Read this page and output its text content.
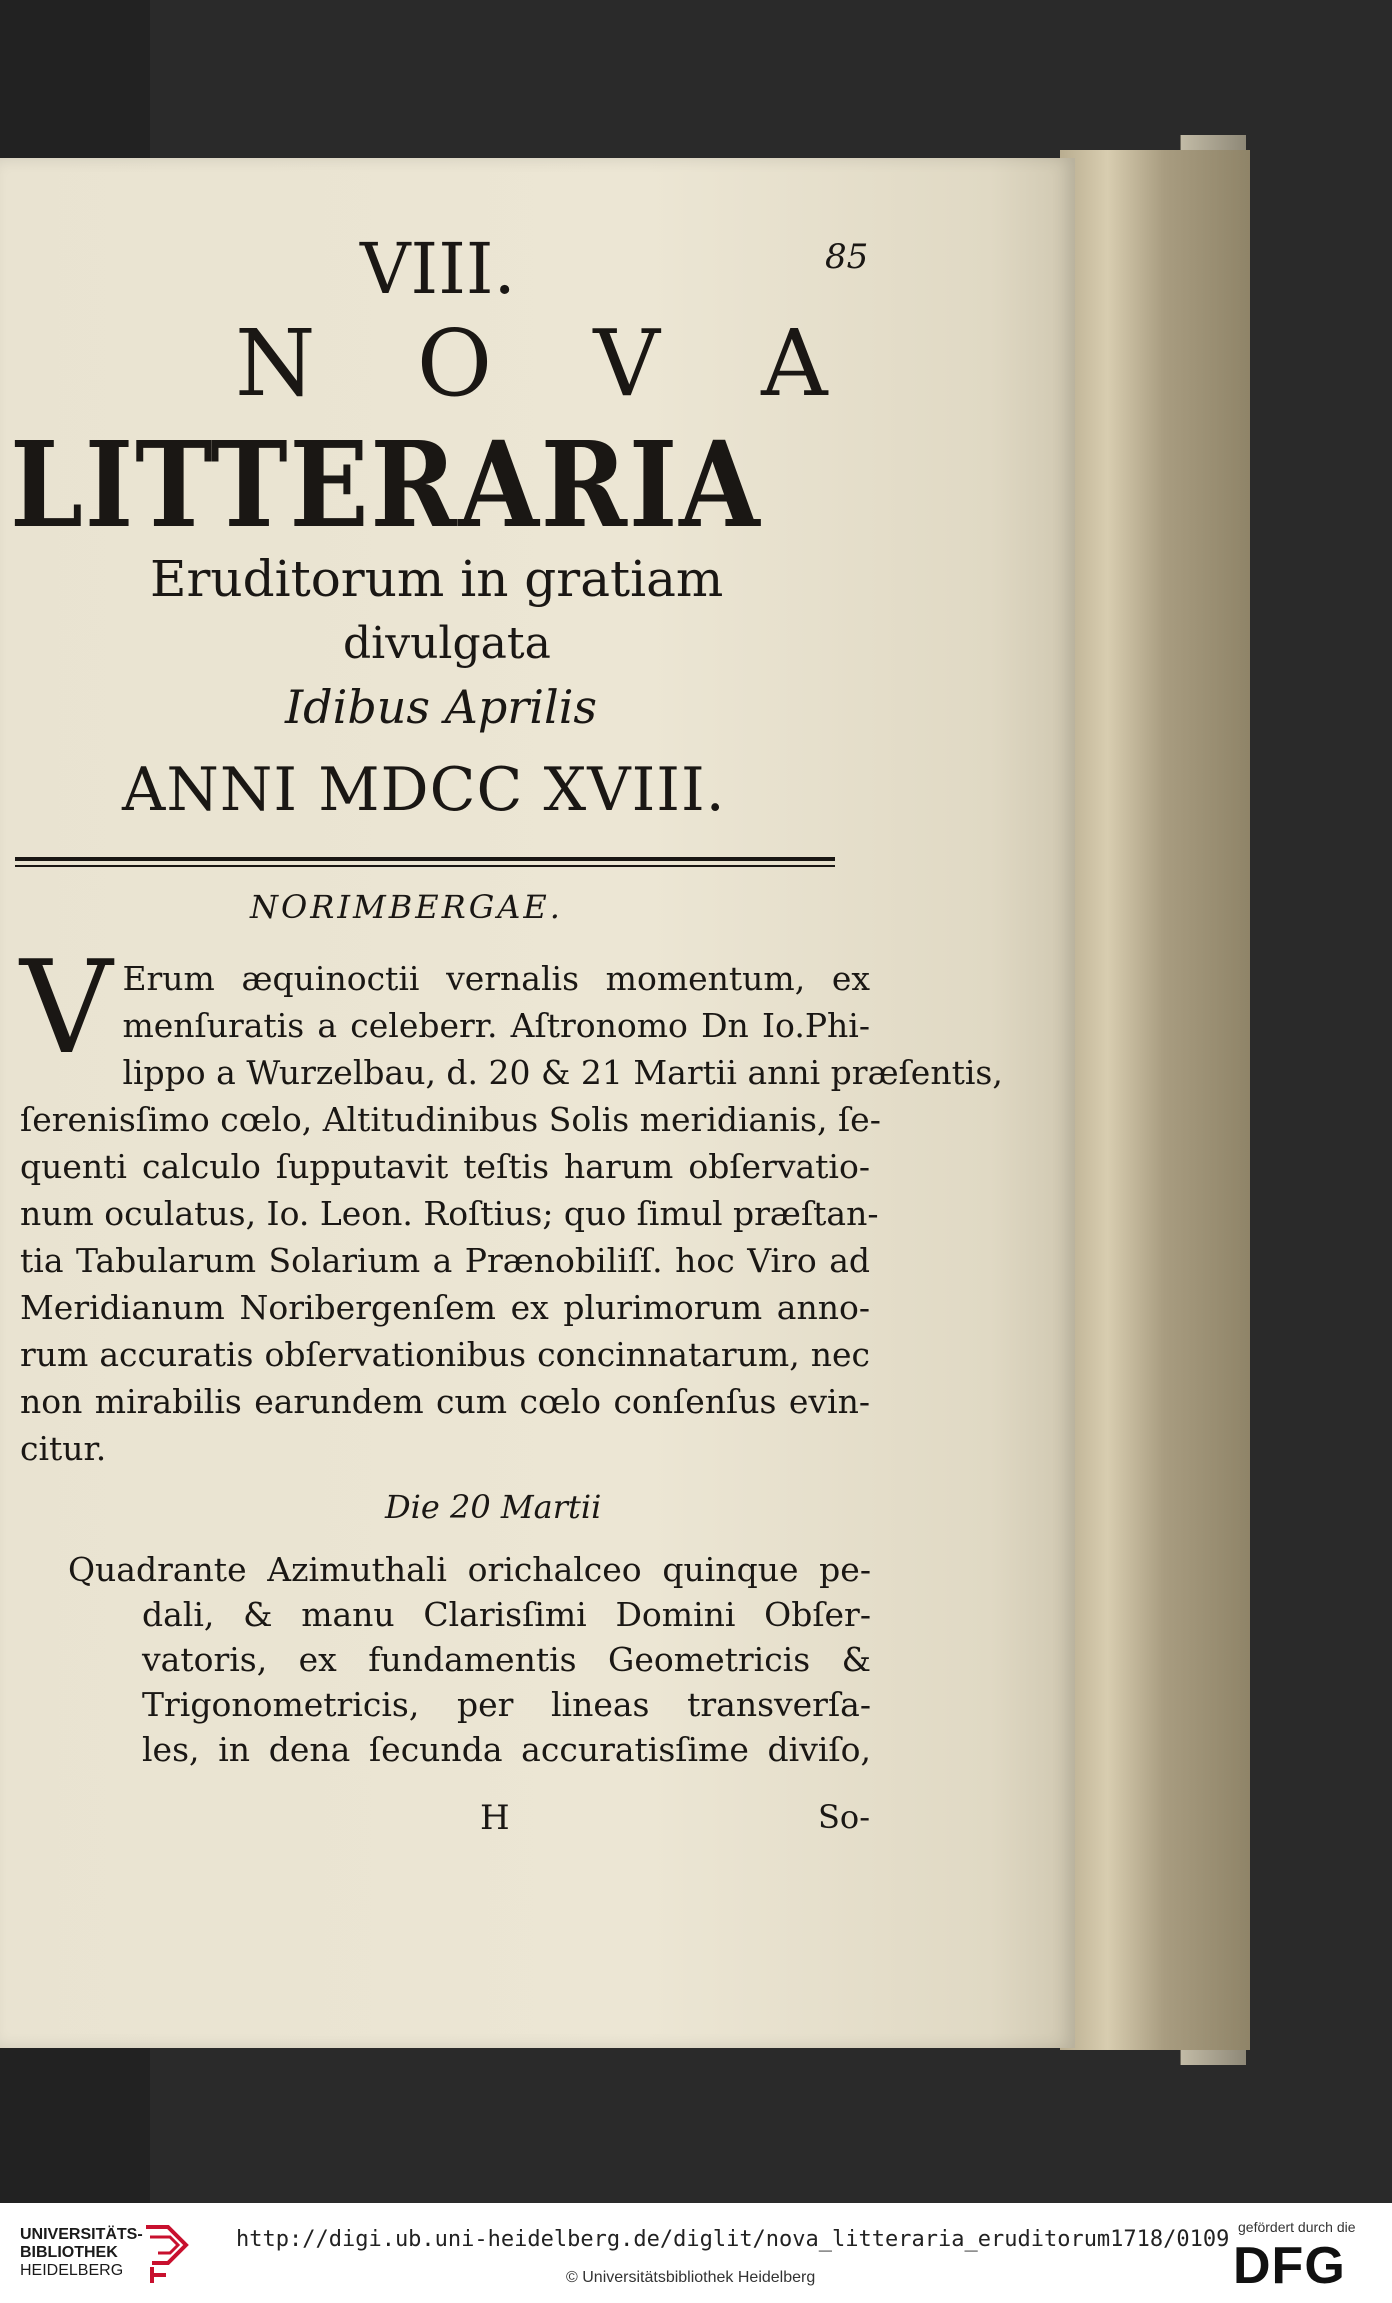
85
VIII.
N O V A
LITTERARIA
Eruditorum in gratiam
divulgata
Idibus Aprilis
ANNI MDCC XVIII.
NORIMBERGAE.
V Erum æquinoctii vernalis momentum, ex
menſuratis a celeberr. Aſtronomo Dn Io.Phi-
lippo a Wurzelbau, d. 20 & 21 Martii anni præſentis,
ſerenisſimo cœlo, Altitudinibus Solis meridianis, ſe-
quenti calculo ſupputavit teſtis harum obſervatio-
num oculatus, Io. Leon. Roſtius; quo ſimul præſtan-
tia Tabularum Solarium a Prænobiliſſ. hoc Viro ad
Meridianum Noribergenſem ex plurimorum anno-
rum accuratis obſervationibus concinnatarum, nec
non mirabilis earundem cum cœlo conſenſus evin-
citur.
Die 20 Martii
Quadrante Azimuthali orichalceo quinque pe-
dali, & manu Clarisſimi Domini Obſer-
vatoris, ex fundamentis Geometricis &
Trigonometricis, per lineas transverſa-
les, in dena ſecunda accuratisſime diviſo,
H	So-
UNIVERSITÄTS-
BIBLIOTHEK
HEIDELBERG
http://digi.ub.uni-heidelberg.de/diglit/nova_litteraria_eruditorum1718/0109
© Universitätsbibliothek Heidelberg
gefördert durch die
DFG
